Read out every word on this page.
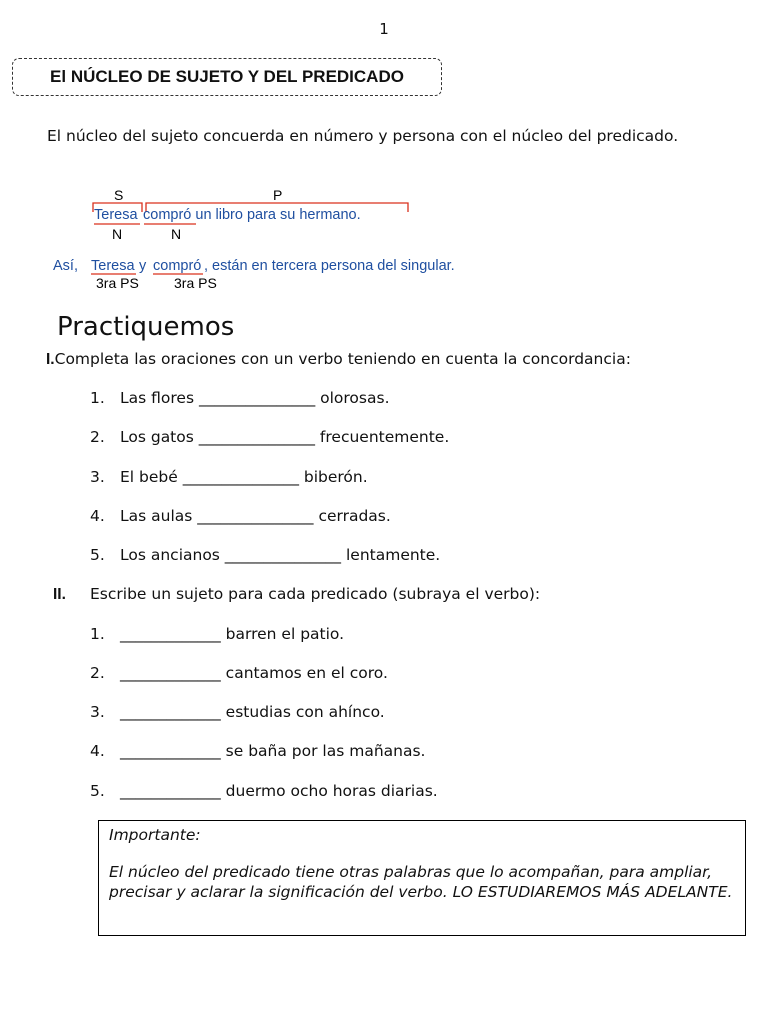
1
El NÚCLEO DE SUJETO Y DEL PREDICADO
El núcleo del sujeto concuerda en número y persona con el núcleo del predicado.
S	P
Teresa compró un libro para su hermano.
N	N
Así, Teresa y compró , están en tercera persona del singular.
3ra PS	3ra PS
Practiquemos
I.Completa las oraciones con un verbo teniendo en cuenta la concordancia:
1. Las flores _______________ olorosas.
2. Los gatos _______________ frecuentemente.
3. El bebé _______________ biberón.
4. Las aulas _______________ cerradas.
5. Los ancianos _______________ lentamente.
II. Escribe un sujeto para cada predicado (subraya el verbo):
1. _____________ barren el patio.
2. _____________ cantamos en el coro.
3. _____________ estudias con ahínco.
4. _____________ se baña por las mañanas.
5. _____________ duermo ocho horas diarias.

Importante:

El núcleo del predicado tiene otras palabras que lo acompañan, para ampliar, precisar y aclarar la significación del verbo. LO ESTUDIAREMOS MÁS ADELANTE.
